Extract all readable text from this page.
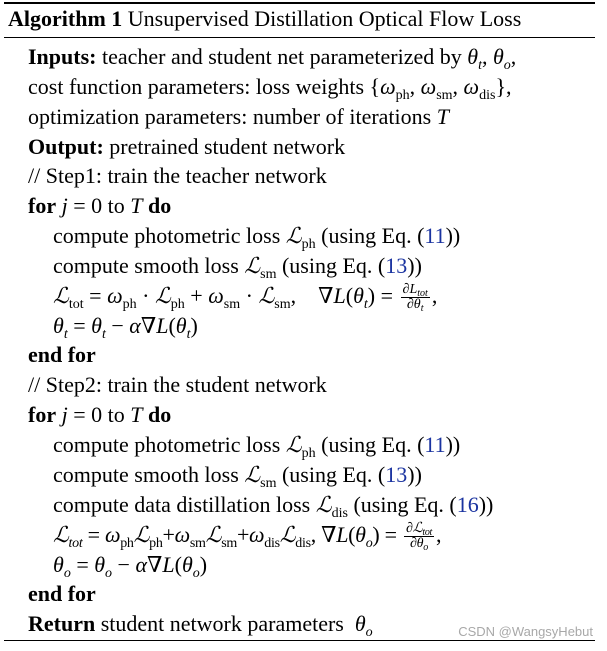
Algorithm 1 Unsupervised Distillation Optical Flow Loss
Inputs: teacher and student net parameterized by $\theta_t$, $\theta_o$,
cost function parameters: loss weights {$\omega_{ph}$, $\omega_{sm}$, $\omega_{dis}$},
optimization parameters: number of iterations T
Output: pretrained student network
// Step1: train the teacher network
for j = 0 to T do
compute photometric loss ℒ$_{ph}$ (using Eq. (11))
compute smooth loss ℒ$_{sm}$ (using Eq. (13))
ℒ$_{tot}$ = $\omega_{ph}$ · ℒ$_{ph}$ + $\omega_{sm}$ · ℒ$_{sm}$,    $\nabla L(\theta_t) = \frac{\partial L_{tot}}{\partial\theta_t}$ ,
$\theta_t = \theta_t - \alpha\nabla L(\theta_t)$
end for
// Step2: train the student network
for j = 0 to T do
compute photometric loss ℒ$_{ph}$ (using Eq. (11))
compute smooth loss ℒ$_{sm}$ (using Eq. (13))
compute data distillation loss ℒ$_{dis}$ (using Eq. (16))
ℒ$_{tot}$ = $\omega_{ph}ℒ_{ph}+\omega_{sm}ℒ_{sm}+\omega_{dis}ℒ_{dis}$, $\nabla L(\theta_o) = \frac{\partial ℒ_{tot}}{\partial\theta_o}$ ,
$\theta_o = \theta_o - \alpha\nabla L(\theta_o)$
end for
Return student network parameters $\theta_o$	CSDN @WangsyHebut
